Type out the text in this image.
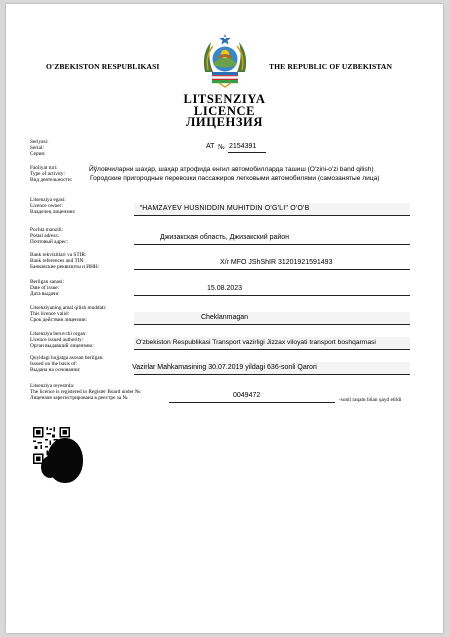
O'ZBEKISTON RESPUBLIKASI	THE REPUBLIC OF UZBEKISTAN
LITSENZIYA
LICENCE
ЛИЦЕНЗИЯ
Seriyasi:
Serial:
Серия:
AT № 2154391
Faoliyat turi:
Type of activity:
Вид деятельности:
Йўловчиларни шаҳар, шаҳар атрофида енгил автомобилларда ташиш (O'zini-o'zi band qilish)
Городские пригородные перевозки пассажиров легковыми автомобилями (самозанятые лица)
Litsenziya egasi:
Licence owner:
Владелец лицензии:	"HAMZAYEV HUSNIDDIN MUHITDIN O'G'LI" O'O'B
Pochta manzili:
Postal adress:
Почтовый адрес:
Джизакская область, Джизакский район
Bank rekvizitlari va STIR:
Bank references and TIN:
Банковские реквизиты и ИНН:
X/r MFO JShShIR 31201921591493
Berilgan sanasi:
Date of issue:
Дата выдачи:
15.08.2023
Litsenziyaning amal qilish muddati:
This licence valid:
Срок действия лицензии:	Cheklanmagan
Litsenziya beruvchi organ:
Licence issued authority:
Орган выдавший лицензию:	O'zbekiston Respublikasi Transport vazirligi Jizzax viloyati transport boshqarmasi
Quyidagi hujjatga asosan berilgan:
Issued on the basis of:
Выдана на основании:	Vazirlar Mahkamasining 30.07.2019 yildagi 636-sonli Qarori
Litsenziya reyestrda:
The licence is registered in Register Board under №:
Лицензия зарегистрирована в реестре за №	0049472
-sonli raqam bilan qayd etildi
